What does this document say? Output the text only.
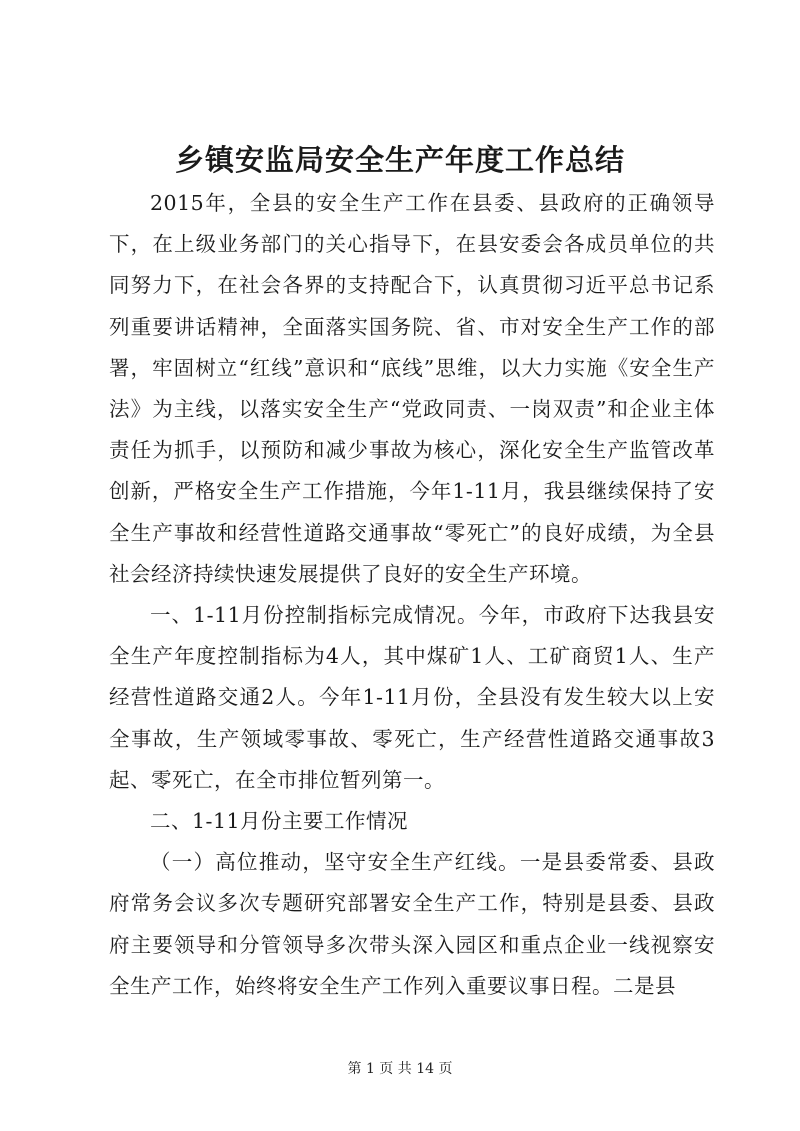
乡镇安监局安全生产年度工作总结

2015年，全县的安全生产工作在县委、县政府的正确领导下，在上级业务部门的关心指导下，在县安委会各成员单位的共同努力下，在社会各界的支持配合下，认真贯彻习近平总书记系列重要讲话精神，全面落实国务院、省、市对安全生产工作的部署，牢固树立“红线”意识和“底线”思维，以大力实施《安全生产法》为主线，以落实安全生产“党政同责、一岗双责”和企业主体责任为抓手，以预防和减少事故为核心，深化安全生产监管改革创新，严格安全生产工作措施，今年1-11月，我县继续保持了安全生产事故和经营性道路交通事故“零死亡”的良好成绩，为全县社会经济持续快速发展提供了良好的安全生产环境。

一、1-11月份控制指标完成情况。今年，市政府下达我县安全生产年度控制指标为4人，其中煤矿1人、工矿商贸1人、生产经营性道路交通2人。今年1-11月份，全县没有发生较大以上安全事故，生产领域零事故、零死亡，生产经营性道路交通事故3起、零死亡，在全市排位暂列第一。

二、1-11月份主要工作情况

（一）高位推动，坚守安全生产红线。一是县委常委、县政府常务会议多次专题研究部署安全生产工作，特别是县委、县政府主要领导和分管领导多次带头深入园区和重点企业一线视察安全生产工作，始终将安全生产工作列入重要议事日程。二是县

第 1 页 共 14 页
